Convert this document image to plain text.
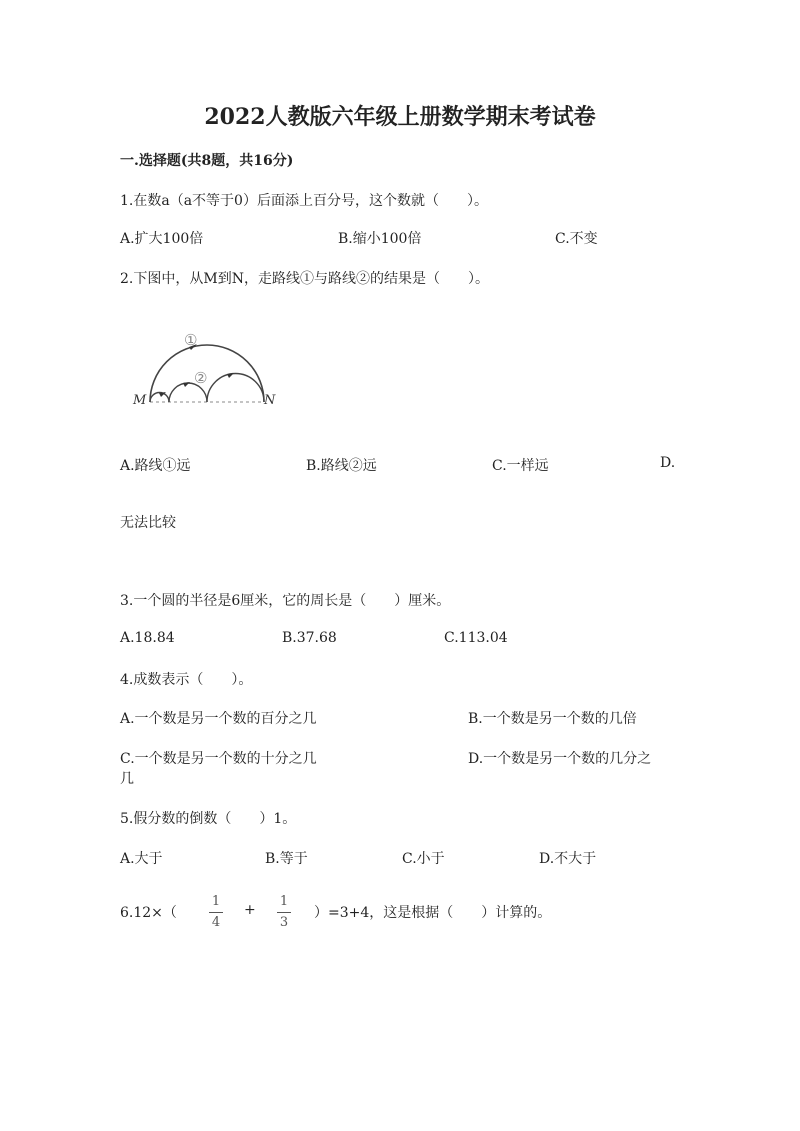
2022人教版六年级上册数学期末考试卷
一.选择题(共8题，共16分)
1.在数a（a不等于0）后面添上百分号，这个数就（　　）。
A.扩大100倍	B.缩小100倍	C.不变
2.下图中，从M到N，走路线①与路线②的结果是（　　）。
①
②
M	N
A.路线①远	B.路线②远	C.一样远	D.
无法比较
3.一个圆的半径是6厘米，它的周长是（　　）厘米。
A.18.84	B.37.68	C.113.04
4.成数表示（　　）。
A.一个数是另一个数的百分之几	B.一个数是另一个数的几倍
C.一个数是另一个数的十分之几	D.一个数是另一个数的几分之
几
5.假分数的倒数（　　）1。
A.大于	B.等于	C.小于	D.不大于
6.12×（
1
4
+
1
3
）=3+4，这是根据（　　）计算的。
